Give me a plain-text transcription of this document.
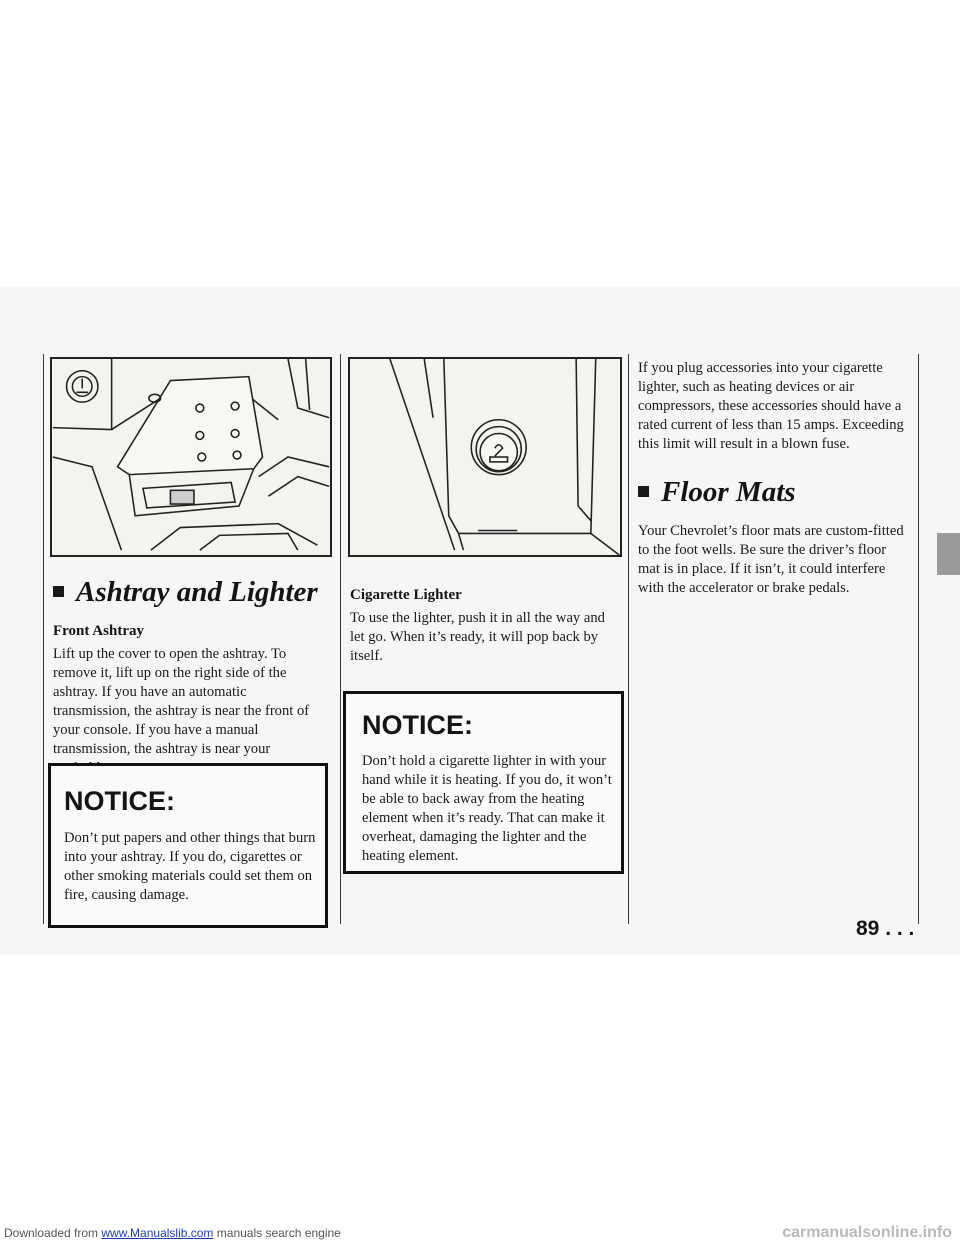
Ashtray and Lighter
Front Ashtray

Lift up the cover to open the ashtray. To remove it, lift up on the right side of the ashtray. If you have an automatic transmission, the ashtray is near the front of your console. If you have a manual transmission, the ashtray is near your

NOTICE:

Don’t put papers and other things that burn into your ashtray. If you do, cigarettes or other smoking materials could set them on fire, causing damage.

Cigarette Lighter

To use the lighter, push it in all the way and let go. When it’s ready, it will pop back by itself.

NOTICE:

Don’t hold a cigarette lighter in with your hand while it is heating. If you do, it won’t be able to back away from the heating element when it’s ready. That can make it overheat, damaging the lighter and the heating element.

If you plug accessories into your cigarette lighter, such as heating devices or air compressors, these accessories should have a rated current of less than 15 amps. Exceeding this limit will result in a blown fuse.

Floor Mats

Your Chevrolet’s floor mats are custom-fitted to the foot wells. Be sure the driver’s floor mat is in place. If it isn’t, it could interfere with the accelerator or brake pedals.

89 . . .
Downloaded from www.Manualslib.com manuals search engine	carmanualsonline.info
